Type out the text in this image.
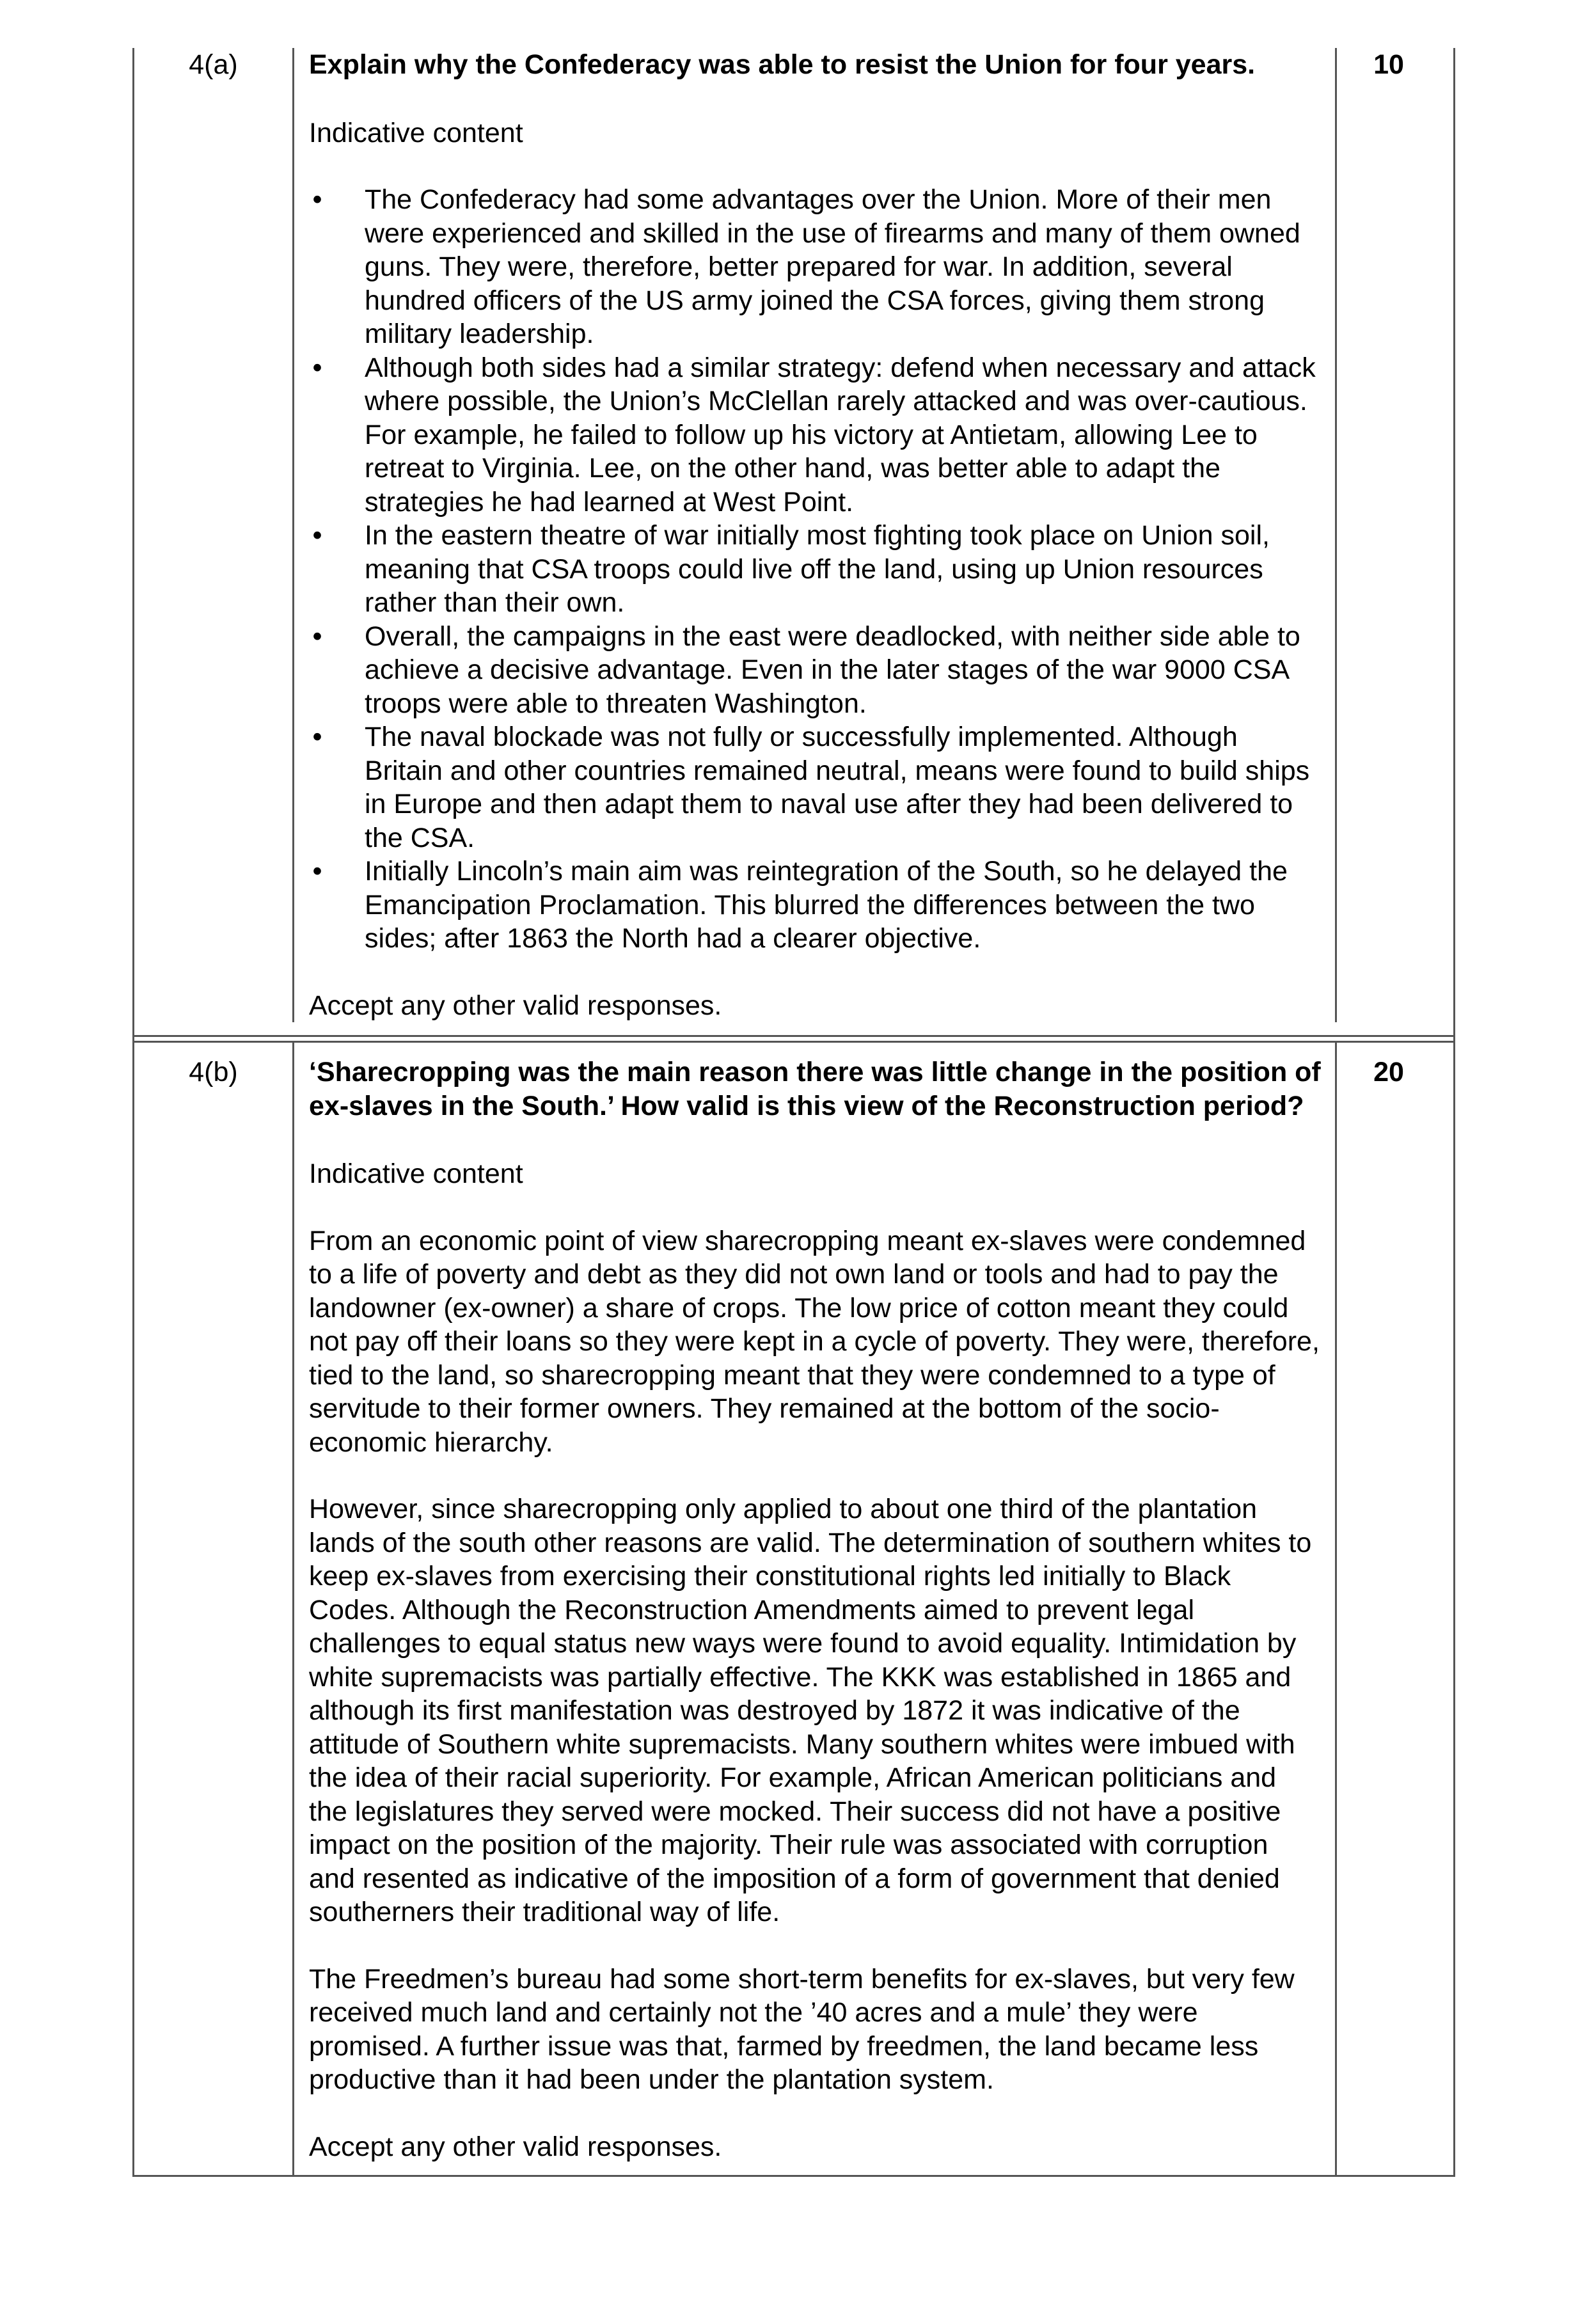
4(a)	Explain why the Confederacy was able to resist the Union for four years.

Indicative content

• The Confederacy had some advantages over the Union. More of their men were experienced and skilled in the use of firearms and many of them owned guns. They were, therefore, better prepared for war. In addition, several hundred officers of the US army joined the CSA forces, giving them strong military leadership.
• Although both sides had a similar strategy: defend when necessary and attack where possible, the Union’s McClellan rarely attacked and was over-cautious. For example, he failed to follow up his victory at Antietam, allowing Lee to retreat to Virginia. Lee, on the other hand, was better able to adapt the strategies he had learned at West Point.
• In the eastern theatre of war initially most fighting took place on Union soil, meaning that CSA troops could live off the land, using up Union resources rather than their own.
• Overall, the campaigns in the east were deadlocked, with neither side able to achieve a decisive advantage. Even in the later stages of the war 9000 CSA troops were able to threaten Washington.
• The naval blockade was not fully or successfully implemented. Although Britain and other countries remained neutral, means were found to build ships in Europe and then adapt them to naval use after they had been delivered to the CSA.
• Initially Lincoln’s main aim was reintegration of the South, so he delayed the Emancipation Proclamation. This blurred the differences between the two sides; after 1863 the North had a clearer objective.

Accept any other valid responses.

10
4(b)	‘Sharecropping was the main reason there was little change in the position of ex-slaves in the South.’ How valid is this view of the Reconstruction period?

Indicative content

From an economic point of view sharecropping meant ex-slaves were condemned to a life of poverty and debt as they did not own land or tools and had to pay the landowner (ex-owner) a share of crops. The low price of cotton meant they could not pay off their loans so they were kept in a cycle of poverty. They were, therefore, tied to the land, so sharecropping meant that they were condemned to a type of servitude to their former owners. They remained at the bottom of the socio-economic hierarchy.

However, since sharecropping only applied to about one third of the plantation lands of the south other reasons are valid. The determination of southern whites to keep ex-slaves from exercising their constitutional rights led initially to Black Codes. Although the Reconstruction Amendments aimed to prevent legal challenges to equal status new ways were found to avoid equality. Intimidation by white supremacists was partially effective. The KKK was established in 1865 and although its first manifestation was destroyed by 1872 it was indicative of the attitude of Southern white supremacists. Many southern whites were imbued with the idea of their racial superiority. For example, African American politicians and the legislatures they served were mocked. Their success did not have a positive impact on the position of the majority. Their rule was associated with corruption and resented as indicative of the imposition of a form of government that denied southerners their traditional way of life.

The Freedmen’s bureau had some short-term benefits for ex-slaves, but very few received much land and certainly not the ’40 acres and a mule’ they were promised. A further issue was that, farmed by freedmen, the land became less productive than it had been under the plantation system.

Accept any other valid responses.

20
